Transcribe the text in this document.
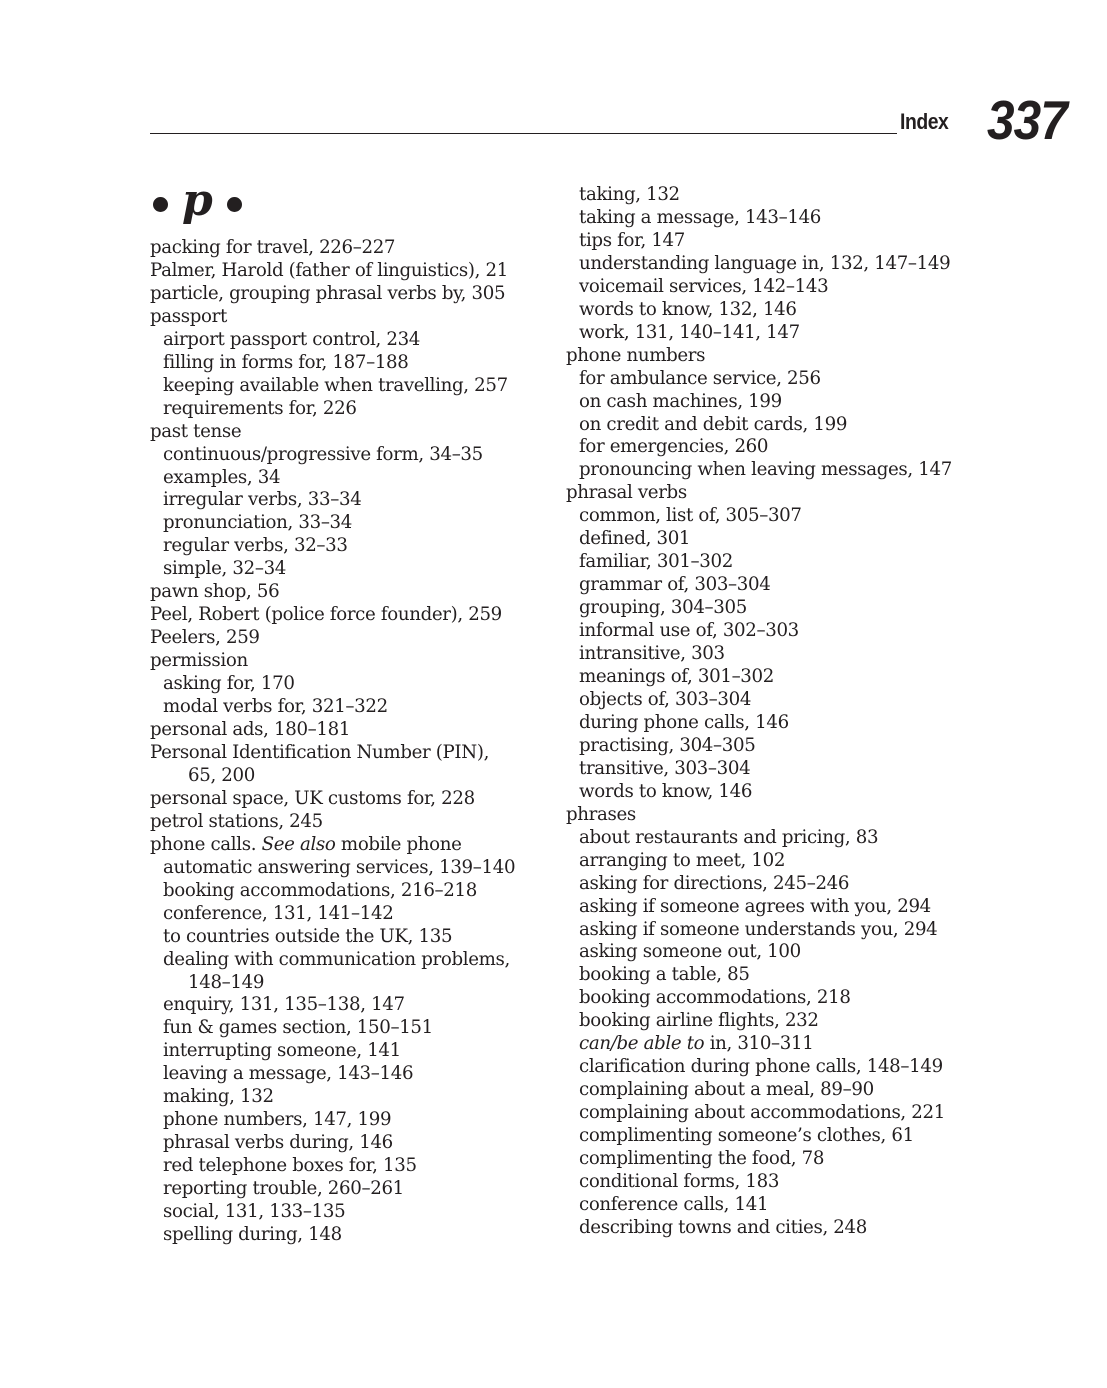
Index 337
p
packing for travel, 226–227
Palmer, Harold (father of linguistics), 21
particle, grouping phrasal verbs by, 305
passport
airport passport control, 234
filling in forms for, 187–188
keeping available when travelling, 257
requirements for, 226
past tense
continuous/progressive form, 34–35
examples, 34
irregular verbs, 33–34
pronunciation, 33–34
regular verbs, 32–33
simple, 32–34
pawn shop, 56
Peel, Robert (police force founder), 259
Peelers, 259
permission
asking for, 170
modal verbs for, 321–322
personal ads, 180–181
Personal Identification Number (PIN),
65, 200
personal space, UK customs for, 228
petrol stations, 245
phone calls. See also mobile phone
automatic answering services, 139–140
booking accommodations, 216–218
conference, 131, 141–142
to countries outside the UK, 135
dealing with communication problems,
148–149
enquiry, 131, 135–138, 147
fun & games section, 150–151
interrupting someone, 141
leaving a message, 143–146
making, 132
phone numbers, 147, 199
phrasal verbs during, 146
red telephone boxes for, 135
reporting trouble, 260–261
social, 131, 133–135
spelling during, 148
taking, 132
taking a message, 143–146
tips for, 147
understanding language in, 132, 147–149
voicemail services, 142–143
words to know, 132, 146
work, 131, 140–141, 147
phone numbers
for ambulance service, 256
on cash machines, 199
on credit and debit cards, 199
for emergencies, 260
pronouncing when leaving messages, 147
phrasal verbs
common, list of, 305–307
defined, 301
familiar, 301–302
grammar of, 303–304
grouping, 304–305
informal use of, 302–303
intransitive, 303
meanings of, 301–302
objects of, 303–304
during phone calls, 146
practising, 304–305
transitive, 303–304
words to know, 146
phrases
about restaurants and pricing, 83
arranging to meet, 102
asking for directions, 245–246
asking if someone agrees with you, 294
asking if someone understands you, 294
asking someone out, 100
booking a table, 85
booking accommodations, 218
booking airline flights, 232
can/be able to in, 310–311
clarification during phone calls, 148–149
complaining about a meal, 89–90
complaining about accommodations, 221
complimenting someone’s clothes, 61
complimenting the food, 78
conditional forms, 183
conference calls, 141
describing towns and cities, 248
